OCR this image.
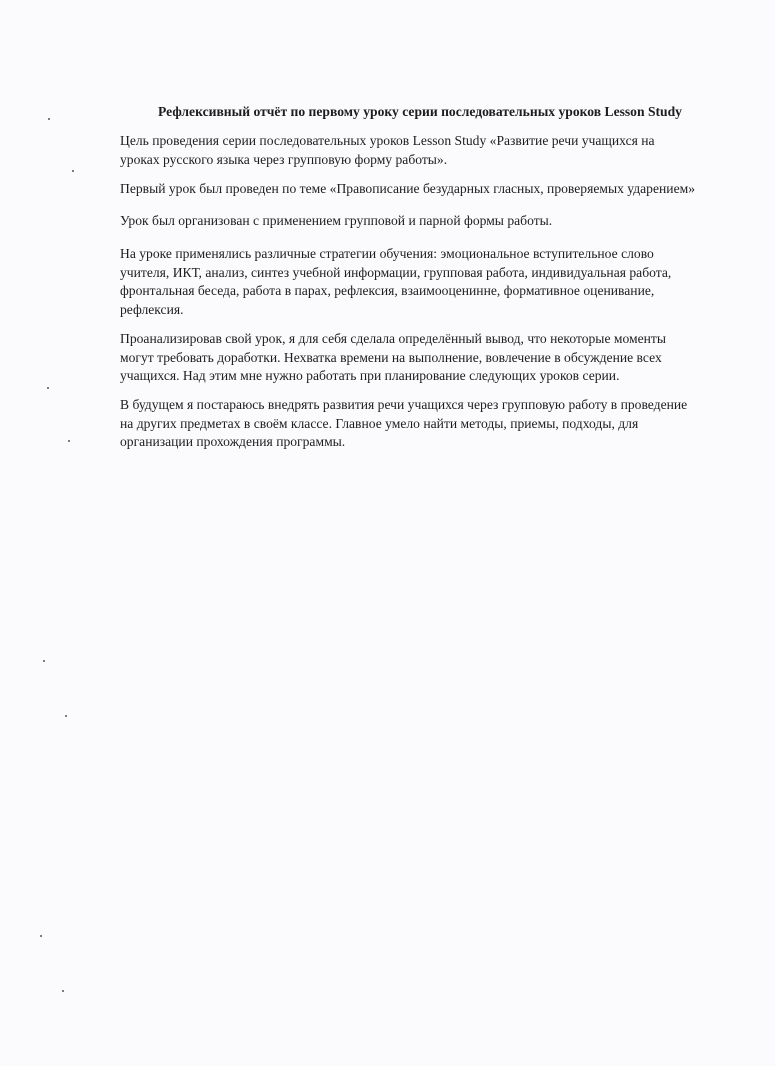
Рефлексивный отчёт по первому уроку серии последовательных уроков Lesson Study

Цель проведения серии последовательных уроков Lesson Study «Развитие речи учащихся на
уроках русского языка через групповую форму работы».

Первый урок был проведен по теме «Правописание безударных гласных, проверяемых ударением»

Урок был организован с применением групповой и парной формы работы.

На уроке применялись различные стратегии обучения: эмоциональное вступительное слово
учителя, ИКТ, анализ, синтез учебной информации, групповая работа, индивидуальная работа,
фронтальная беседа, работа в парах, рефлексия, взаимооценинне, формативное оценивание,
рефлексия.

Проанализировав свой урок, я для себя сделала определённый вывод, что некоторые моменты
могут требовать доработки. Нехватка времени на выполнение, вовлечение в обсуждение всех
учащихся. Над этим мне нужно работать при планирование следующих уроков серии.

В будущем я постараюсь внедрять развития речи учащихся через групповую работу в проведение
на других предметах в своём классе. Главное умело найти методы, приемы, подходы, для
организации прохождения программы.
